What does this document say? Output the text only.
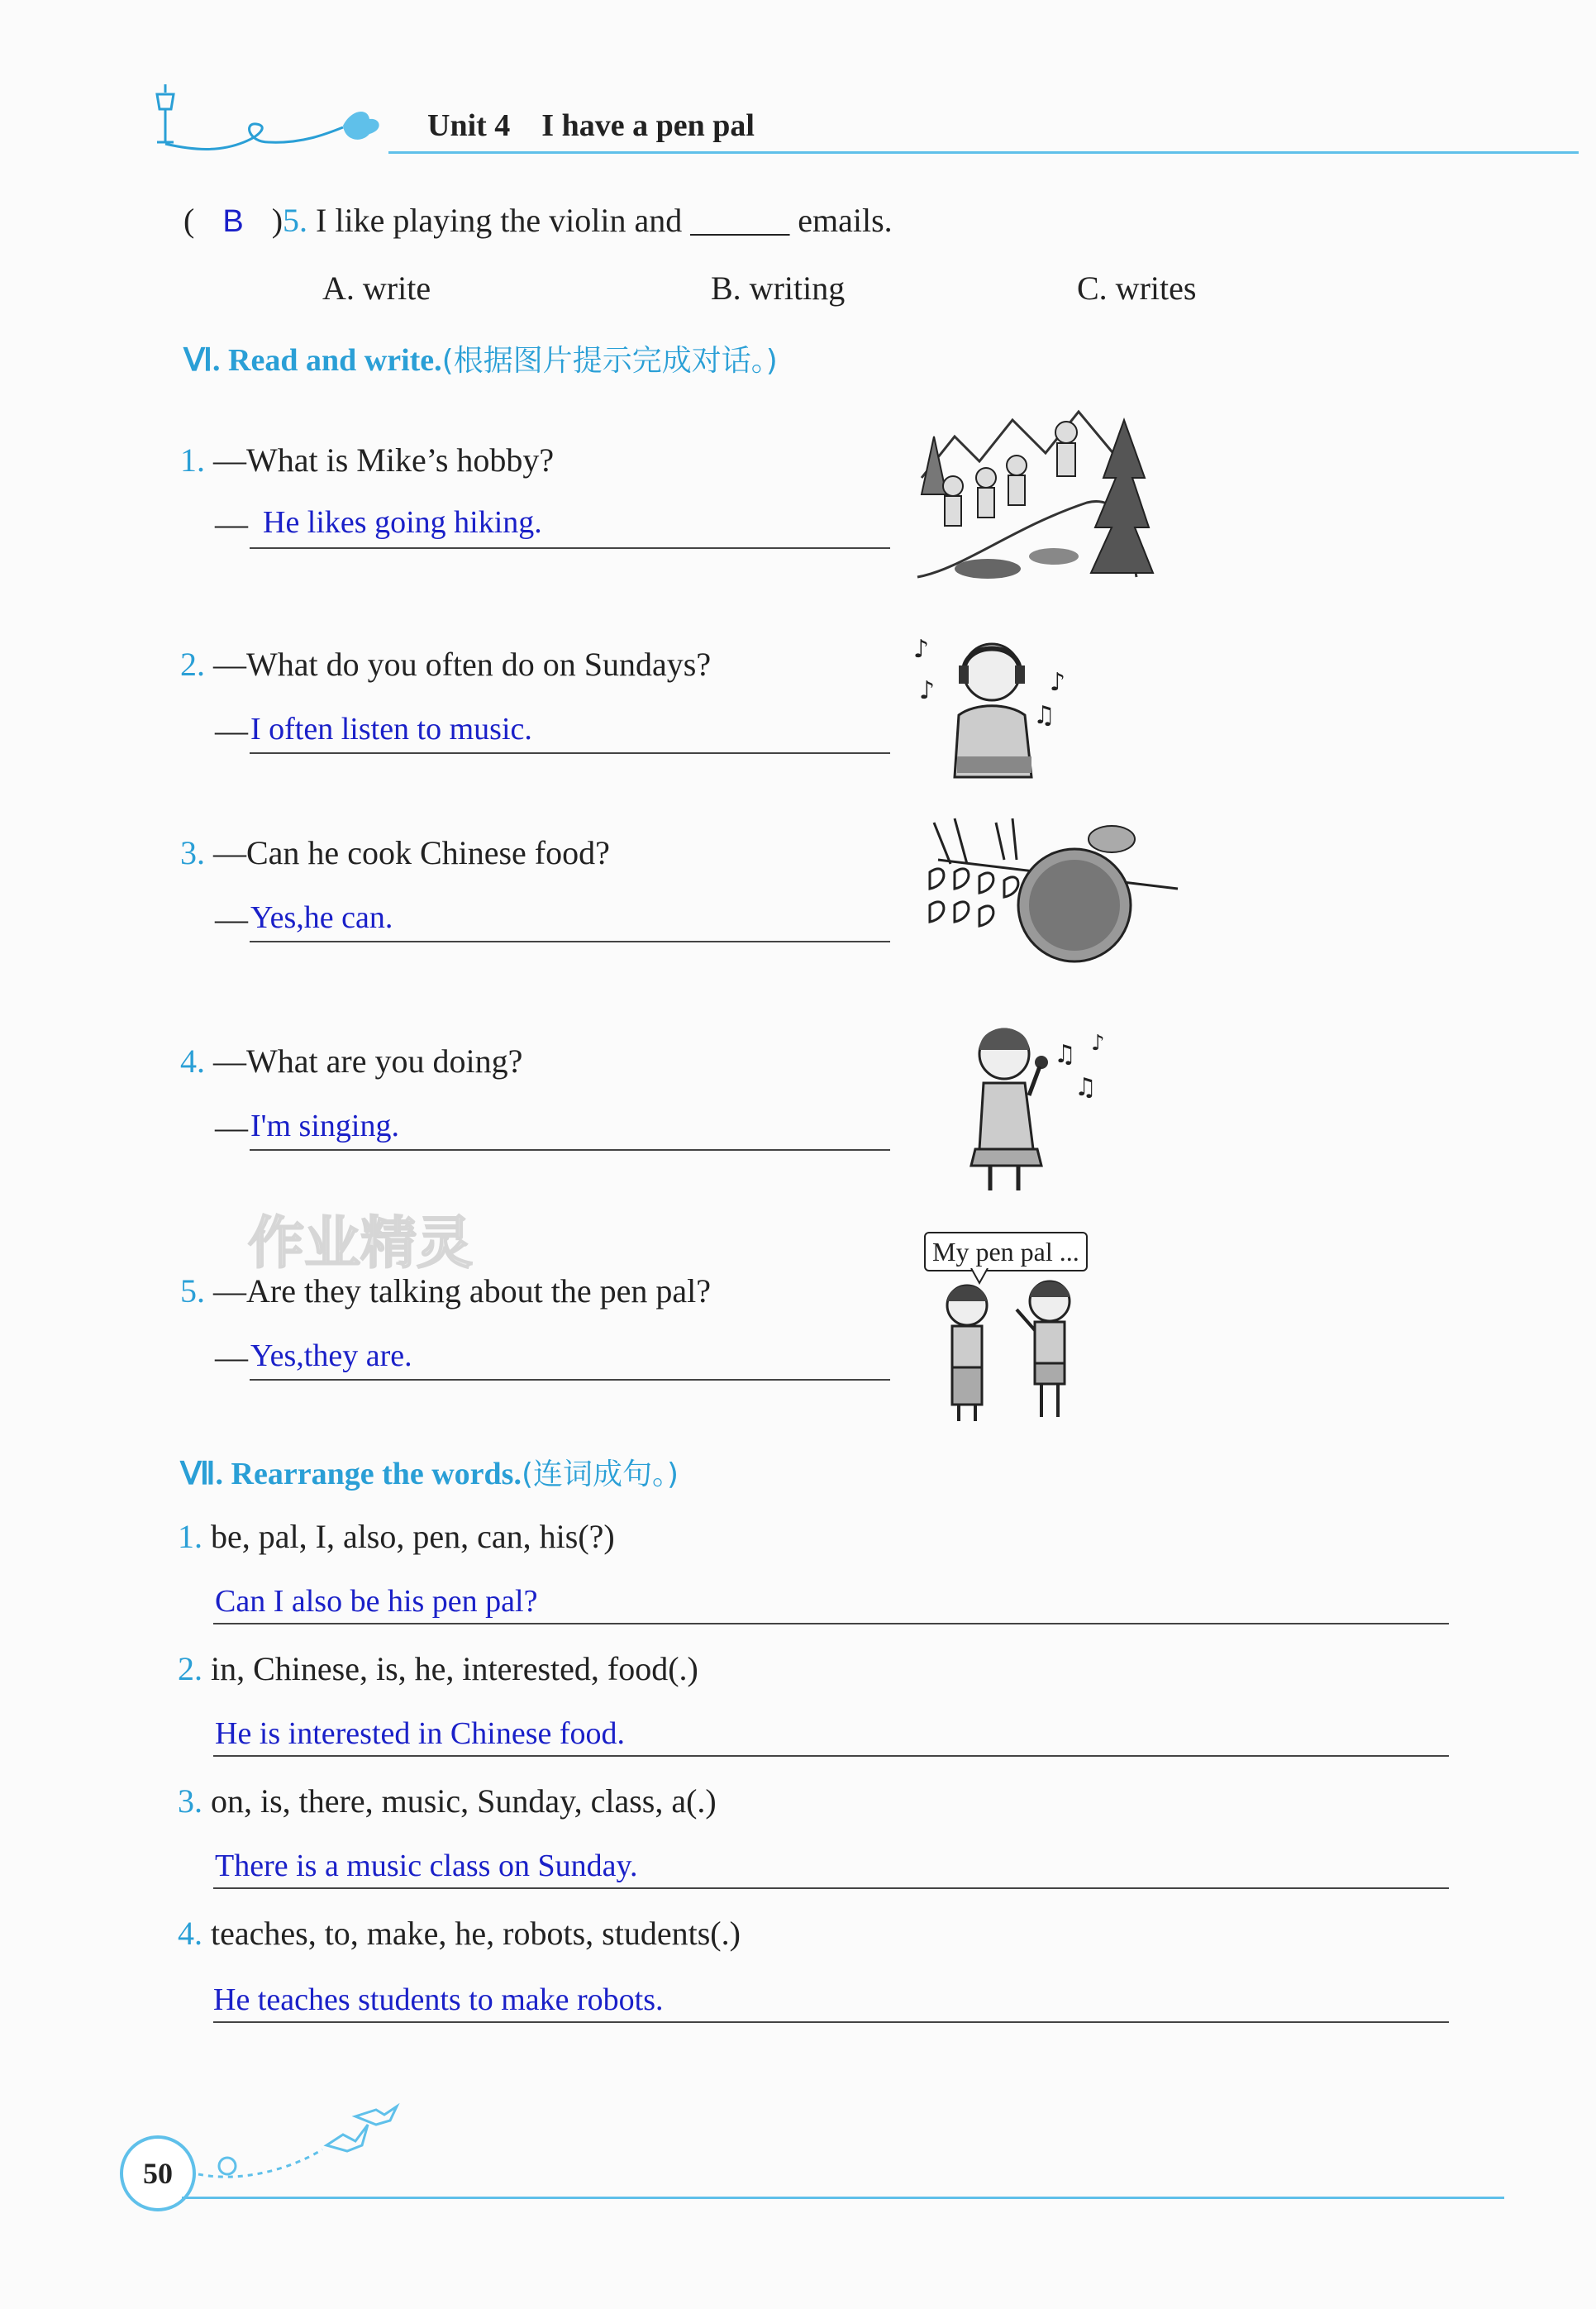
Unit 4 I have a pen pal
( B )5. I like playing the violin and ______ emails.
A. write	B. writing	C. writes
Ⅵ. Read and write.(根据图片提示完成对话。)
1. —What is Mike’s hobby?
— He likes going hiking.
2. —What do you often do on Sundays?
— I often listen to music.
♪
♪	♪
♫
3. —Can he cook Chinese food?
— Yes,he can.
4. —What are you doing?
— I'm singing.
♫ ♪
♫
作业精灵
5. —Are they talking about the pen pal?
— Yes,they are.
My pen pal ...
Ⅶ. Rearrange the words.(连词成句。)
1. be, pal, I, also, pen, can, his(?)
Can I also be his pen pal?
2. in, Chinese, is, he, interested, food(.)
He is interested in Chinese food.
3. on, is, there, music, Sunday, class, a(.)
There is a music class on Sunday.
4. teaches, to, make, he, robots, students(.)
He teaches students to make robots.
50
